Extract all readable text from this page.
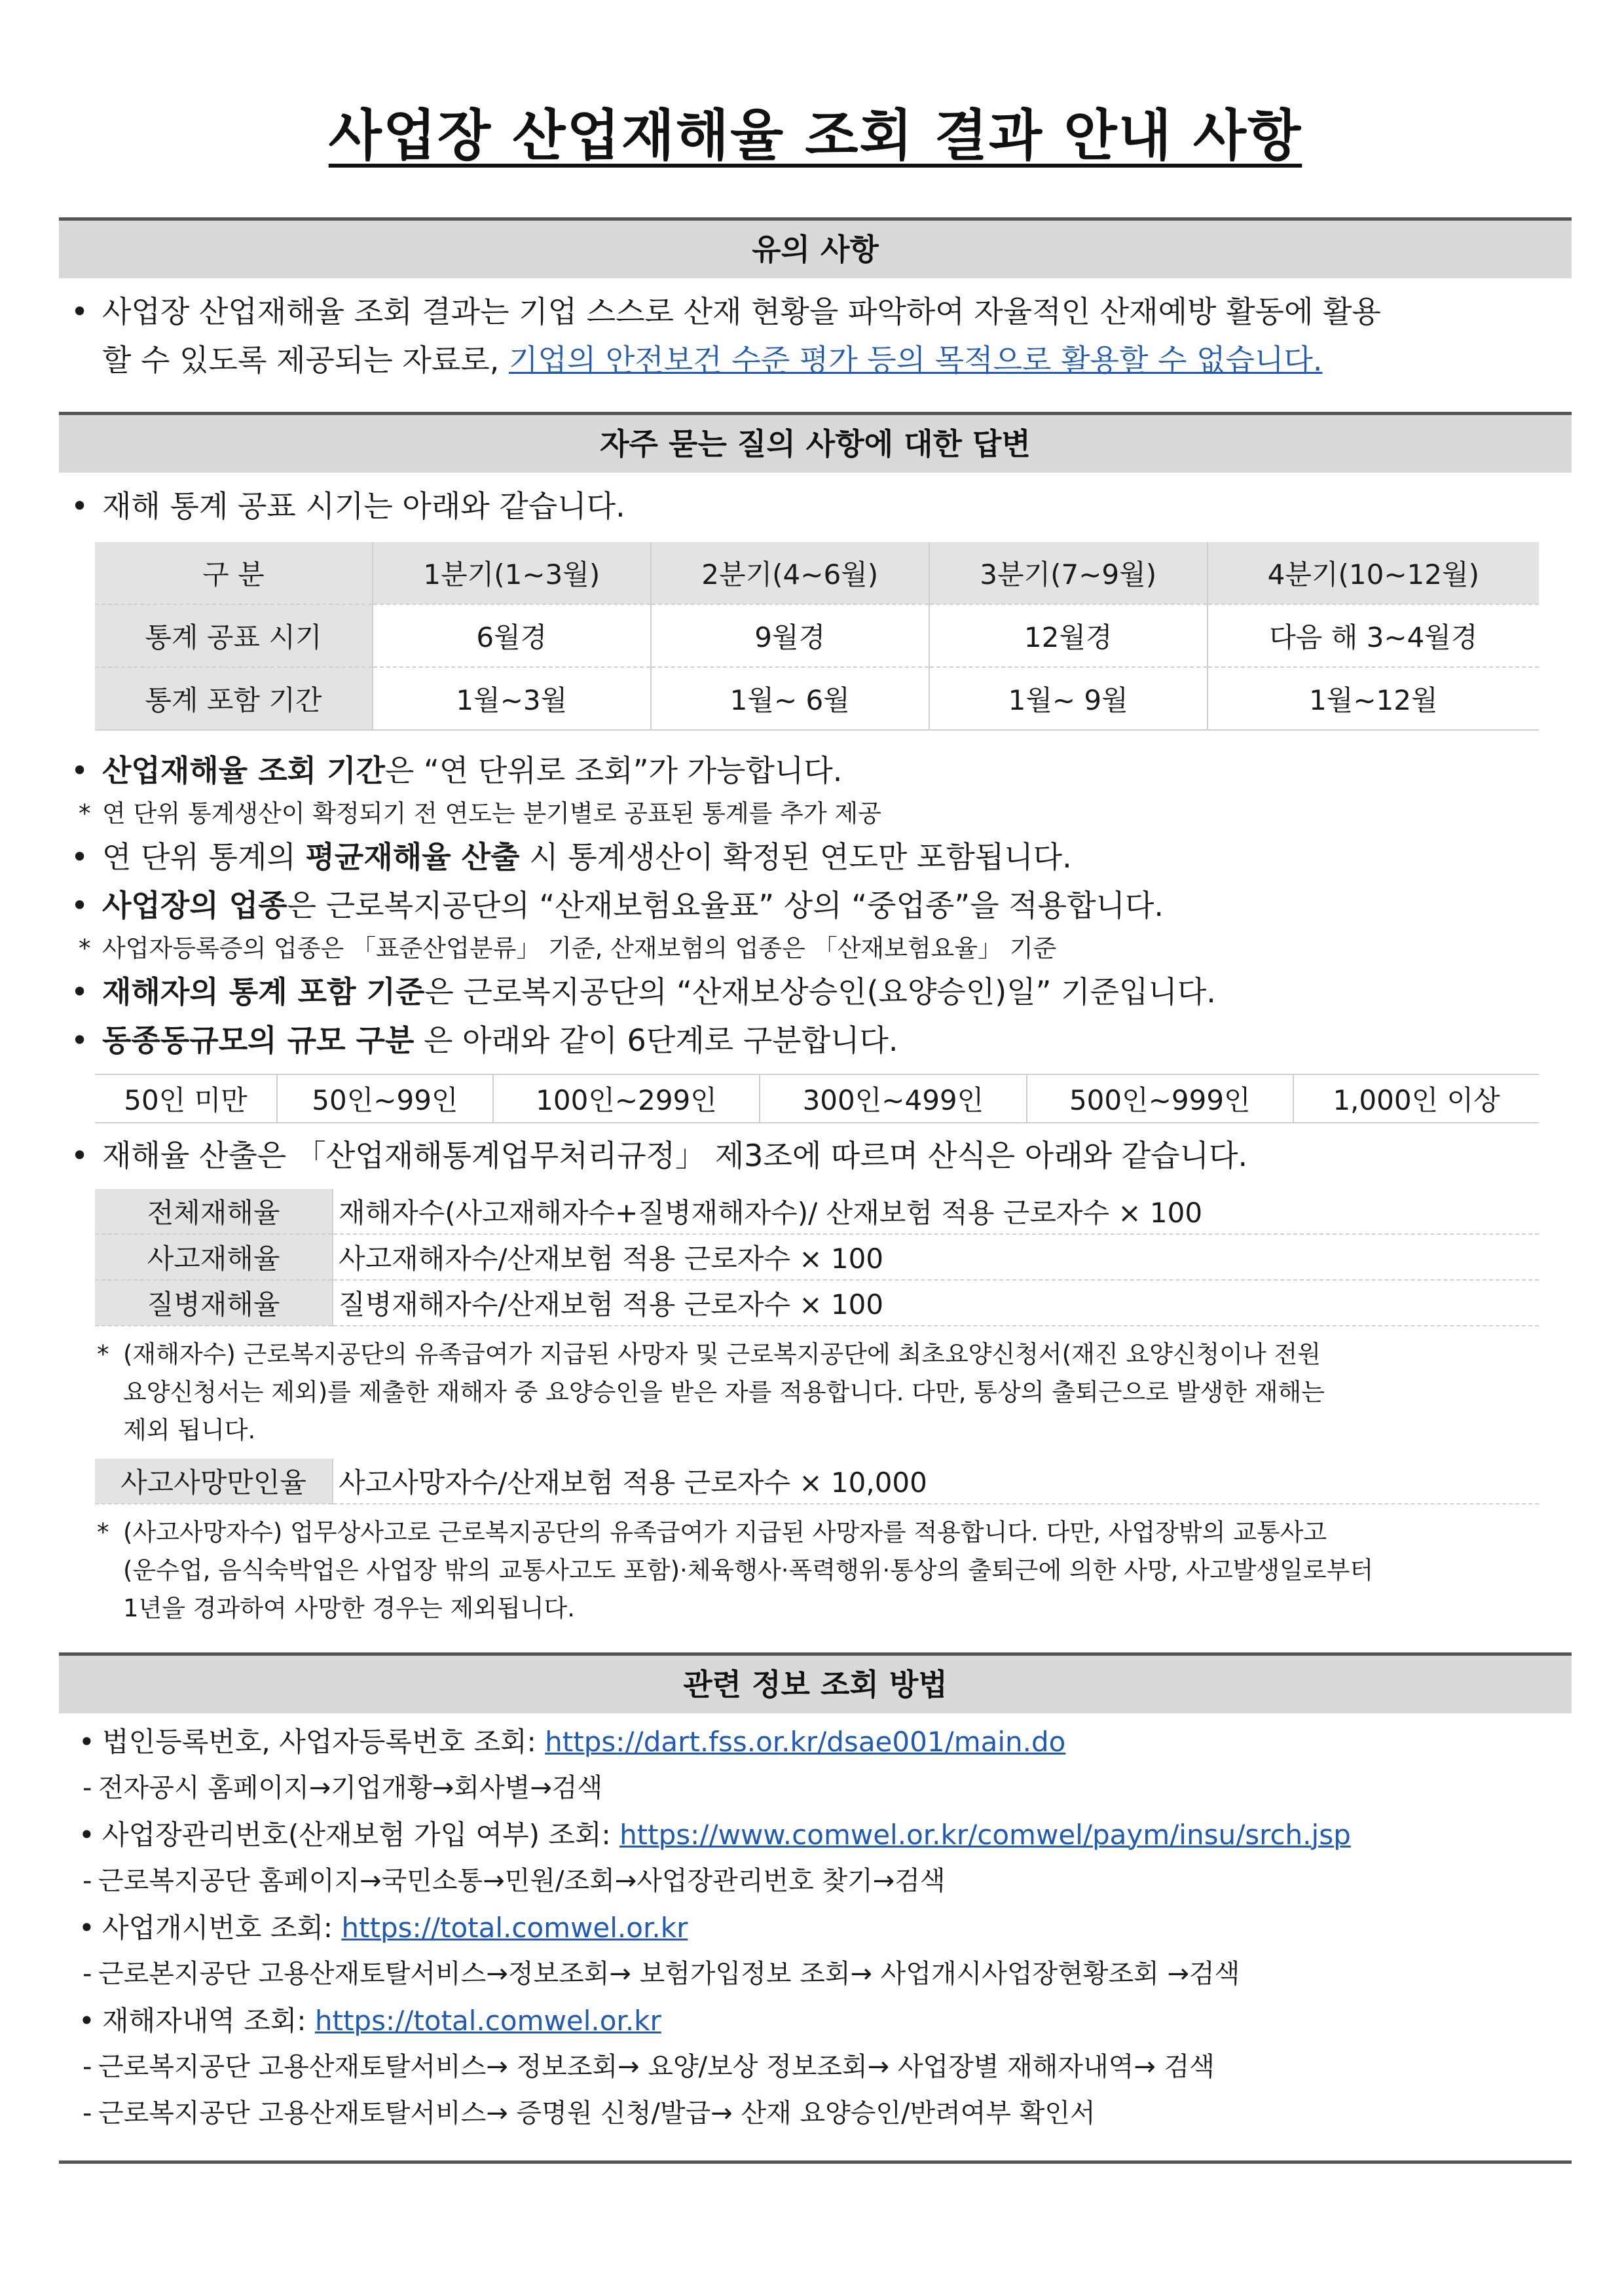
사업장 산업재해율 조회 결과 안내 사항
유의 사항
• 사업장 산업재해율 조회 결과는 기업 스스로 산재 현황을 파악하여 자율적인 산재예방 활동에 활용
할 수 있도록 제공되는 자료로, 기업의 안전보건 수준 평가 등의 목적으로 활용할 수 없습니다.
자주 묻는 질의 사항에 대한 답변
• 재해 통계 공표 시기는 아래와 같습니다.
구 분	1분기(1~3월)	2분기(4~6월)	3분기(7~9월)	4분기(10~12월)
통계 공표 시기	6월경	9월경	12월경	다음 해 3~4월경
통계 포함 기간	1월~3월	1월~ 6월	1월~ 9월	1월~12월
• 산업재해율 조회 기간은 “연 단위로 조회”가 가능합니다.
* 연 단위 통계생산이 확정되기 전 연도는 분기별로 공표된 통계를 추가 제공
• 연 단위 통계의 평균재해율 산출 시 통계생산이 확정된 연도만 포함됩니다.
• 사업장의 업종은 근로복지공단의 “산재보험요율표” 상의 “중업종”을 적용합니다.
* 사업자등록증의 업종은 「표준산업분류」 기준, 산재보험의 업종은 「산재보험요율」 기준
• 재해자의 통계 포함 기준은 근로복지공단의 “산재보상승인(요양승인)일” 기준입니다.
• 동종동규모의 규모 구분 은 아래와 같이 6단계로 구분합니다.
50인 미만	50인~99인	100인~299인	300인~499인	500인~999인	1,000인 이상
• 재해율 산출은 「산업재해통계업무처리규정」 제3조에 따르며 산식은 아래와 같습니다.
전체재해율	재해자수(사고재해자수+질병재해자수)/ 산재보험 적용 근로자수 × 100
사고재해율	사고재해자수/산재보험 적용 근로자수 × 100
질병재해율	질병재해자수/산재보험 적용 근로자수 × 100
* (재해자수) 근로복지공단의 유족급여가 지급된 사망자 및 근로복지공단에 최초요양신청서(재진 요양신청이나 전원
요양신청서는 제외)를 제출한 재해자 중 요양승인을 받은 자를 적용합니다. 다만, 통상의 출퇴근으로 발생한 재해는
제외 됩니다.
사고사망만인율	사고사망자수/산재보험 적용 근로자수 × 10,000
* (사고사망자수) 업무상사고로 근로복지공단의 유족급여가 지급된 사망자를 적용합니다. 다만, 사업장밖의 교통사고
(운수업, 음식숙박업은 사업장 밖의 교통사고도 포함)·체육행사·폭력행위·통상의 출퇴근에 의한 사망, 사고발생일로부터
1년을 경과하여 사망한 경우는 제외됩니다.
관련 정보 조회 방법
• 법인등록번호, 사업자등록번호 조회: https://dart.fss.or.kr/dsae001/main.do
- 전자공시 홈페이지→기업개황→회사별→검색
• 사업장관리번호(산재보험 가입 여부) 조회: https://www.comwel.or.kr/comwel/paym/insu/srch.jsp
- 근로복지공단 홈페이지→국민소통→민원/조회→사업장관리번호 찾기→검색
• 사업개시번호 조회: https://total.comwel.or.kr
- 근로본지공단 고용산재토탈서비스→정보조회→ 보험가입정보 조회→ 사업개시사업장현황조회 →검색
• 재해자내역 조회: https://total.comwel.or.kr
- 근로복지공단 고용산재토탈서비스→ 정보조회→ 요양/보상 정보조회→ 사업장별 재해자내역→ 검색
- 근로복지공단 고용산재토탈서비스→ 증명원 신청/발급→ 산재 요양승인/반려여부 확인서
